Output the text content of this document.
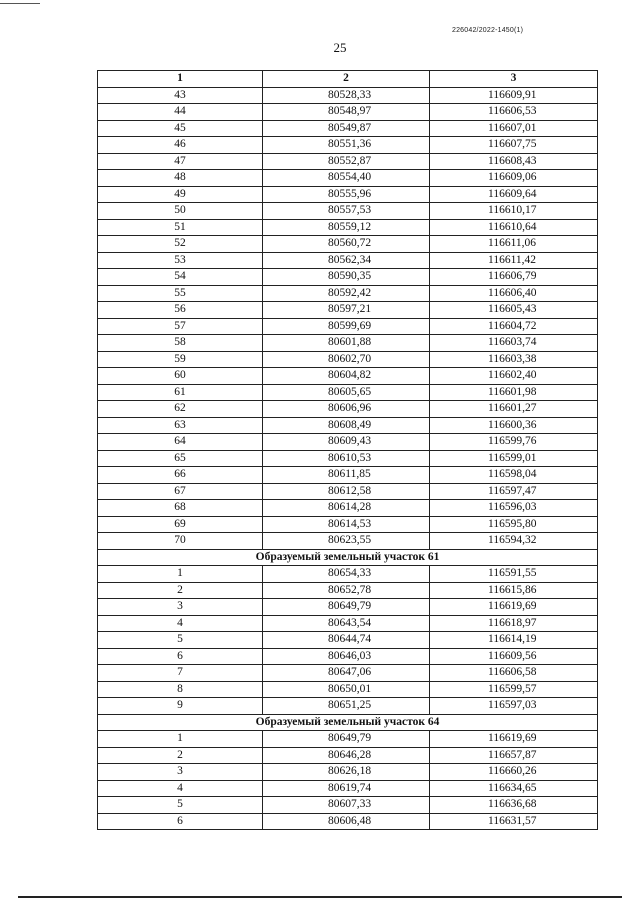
226042/2022-1450(1)
25
1	2	3
43	80528,33	116609,91
44	80548,97	116606,53
45	80549,87	116607,01
46	80551,36	116607,75
47	80552,87	116608,43
48	80554,40	116609,06
49	80555,96	116609,64
50	80557,53	116610,17
51	80559,12	116610,64
52	80560,72	116611,06
53	80562,34	116611,42
54	80590,35	116606,79
55	80592,42	116606,40
56	80597,21	116605,43
57	80599,69	116604,72
58	80601,88	116603,74
59	80602,70	116603,38
60	80604,82	116602,40
61	80605,65	116601,98
62	80606,96	116601,27
63	80608,49	116600,36
64	80609,43	116599,76
65	80610,53	116599,01
66	80611,85	116598,04
67	80612,58	116597,47
68	80614,28	116596,03
69	80614,53	116595,80
70	80623,55	116594,32
Образуемый земельный участок 61		
1	80654,33	116591,55
2	80652,78	116615,86
3	80649,79	116619,69
4	80643,54	116618,97
5	80644,74	116614,19
6	80646,03	116609,56
7	80647,06	116606,58
8	80650,01	116599,57
9	80651,25	116597,03
Образуемый земельный участок 64		
1	80649,79	116619,69
2	80646,28	116657,87
3	80626,18	116660,26
4	80619,74	116634,65
5	80607,33	116636,68
6	80606,48	116631,57
